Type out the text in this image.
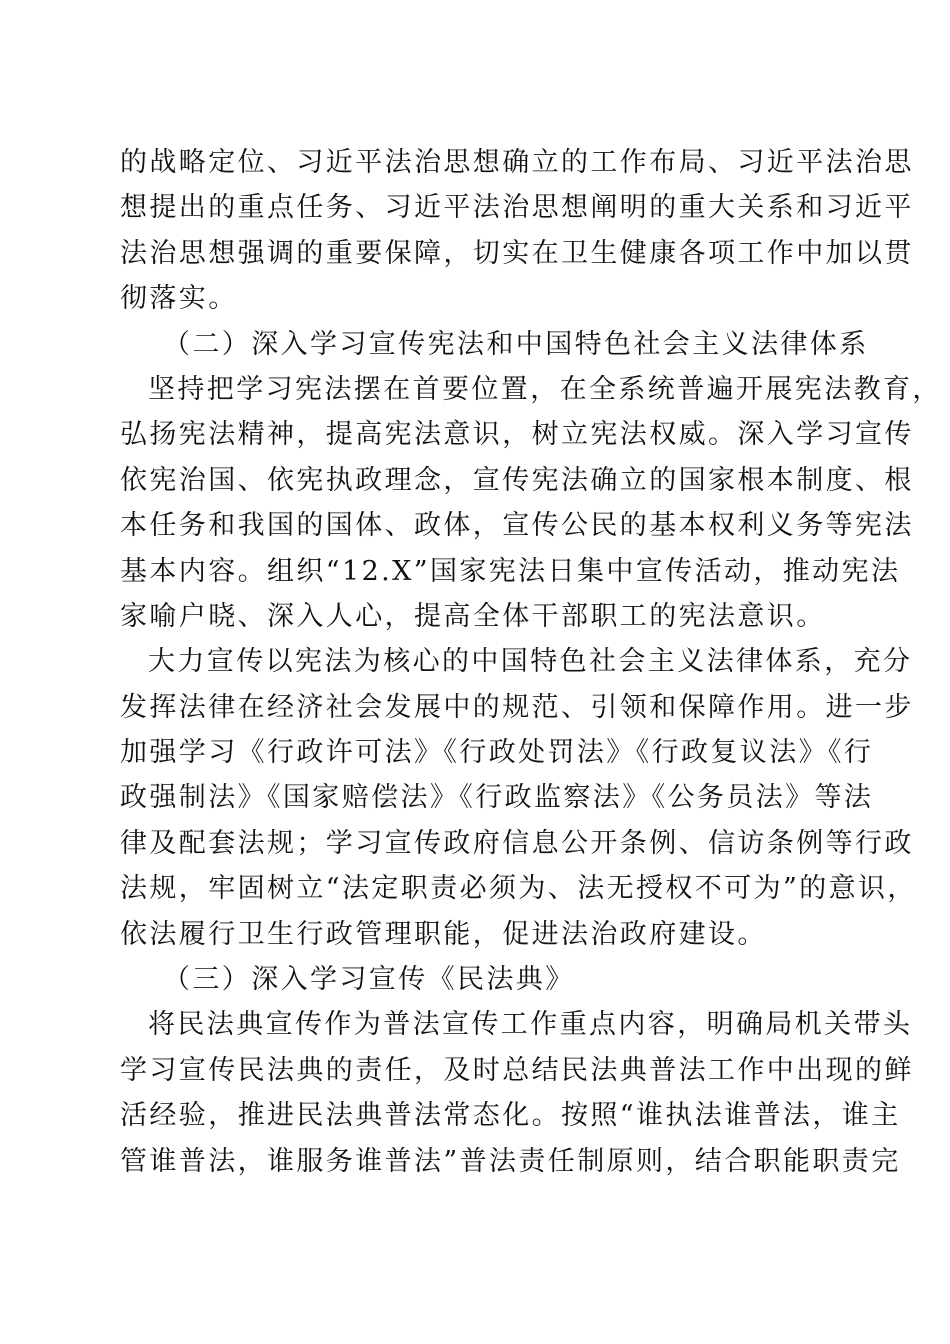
的战略定位、习近平法治思想确立的工作布局、习近平法治思
想提出的重点任务、习近平法治思想阐明的重大关系和习近平
法治思想强调的重要保障，切实在卫生健康各项工作中加以贯
彻落实。
（二）深入学习宣传宪法和中国特色社会主义法律体系
坚持把学习宪法摆在首要位置，在全系统普遍开展宪法教育，
弘扬宪法精神，提高宪法意识，树立宪法权威。深入学习宣传
依宪治国、依宪执政理念，宣传宪法确立的国家根本制度、根
本任务和我国的国体、政体，宣传公民的基本权利义务等宪法
基本内容。组织“12.X”国家宪法日集中宣传活动，推动宪法
家喻户晓、深入人心，提高全体干部职工的宪法意识。
大力宣传以宪法为核心的中国特色社会主义法律体系，充分
发挥法律在经济社会发展中的规范、引领和保障作用。进一步
加强学习《行政许可法》《行政处罚法》《行政复议法》《行
政强制法》《国家赔偿法》《行政监察法》《公务员法》等法
律及配套法规；学习宣传政府信息公开条例、信访条例等行政
法规，牢固树立“法定职责必须为、法无授权不可为”的意识，
依法履行卫生行政管理职能，促进法治政府建设。
（三）深入学习宣传《民法典》
将民法典宣传作为普法宣传工作重点内容，明确局机关带头
学习宣传民法典的责任，及时总结民法典普法工作中出现的鲜
活经验，推进民法典普法常态化。按照“谁执法谁普法，谁主
管谁普法，谁服务谁普法”普法责任制原则，结合职能职责完
